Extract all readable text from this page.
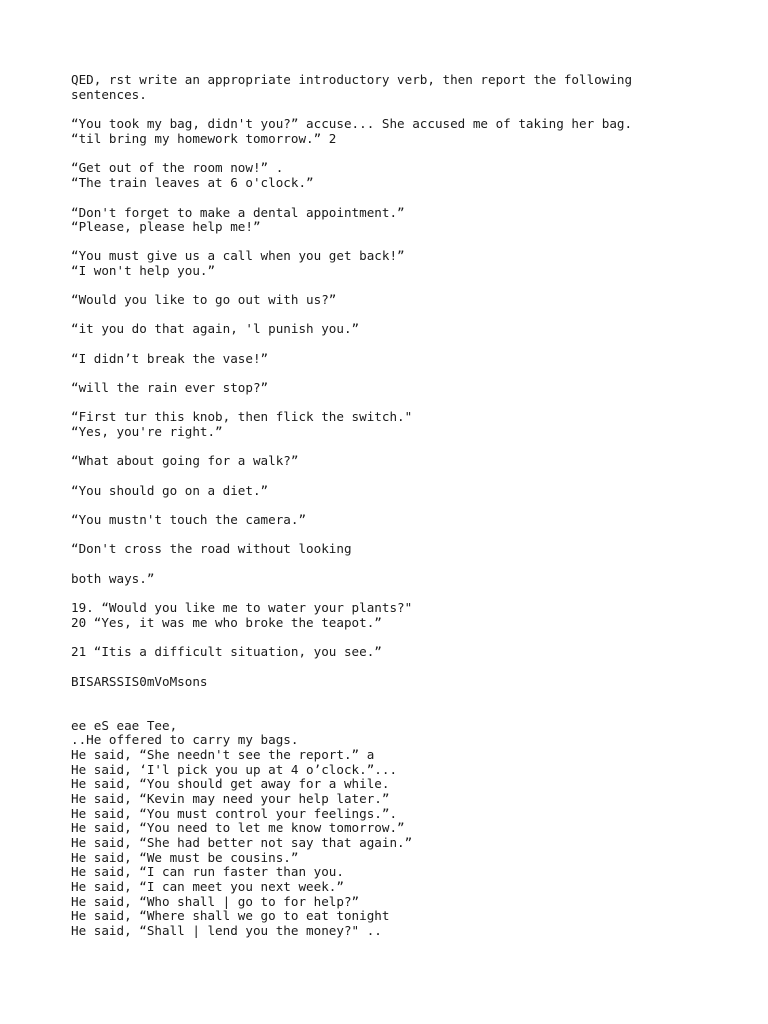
QED, rst write an appropriate introductory verb, then report the following
sentences.
“You took my bag, didn't you?” accuse... She accused me of taking her bag.
“til bring my homework tomorrow.” 2
“Get out of the room now!” .
“The train leaves at 6 o'clock.”
“Don't forget to make a dental appointment.”
“Please, please help me!”
“You must give us a call when you get back!”
“I won't help you.”
“Would you like to go out with us?”
“it you do that again, 'l punish you.”
“I didn’t break the vase!”
“will the rain ever stop?”
“First tur this knob, then flick the switch."
“Yes, you're right.”
“What about going for a walk?”
“You should go on a diet.”
“You mustn't touch the camera.”
“Don't cross the road without looking
both ways.”
19. “Would you like me to water your plants?"
20 “Yes, it was me who broke the teapot.”
21 “Itis a difficult situation, you see.”
BISARSSIS0mVoMsons
ee eS eae Tee,
..He offered to carry my bags.
He said, “She needn't see the report.” a
He said, ‘I'l pick you up at 4 o’clock.”...
He said, “You should get away for a while.
He said, “Kevin may need your help later.”
He said, “You must control your feelings.”.
He said, “You need to let me know tomorrow.”
He said, “She had better not say that again.”
He said, “We must be cousins.”
He said, “I can run faster than you.
He said, “I can meet you next week.”
He said, “Who shall | go to for help?”
He said, “Where shall we go to eat tonight
He said, “Shall | lend you the money?" ..
